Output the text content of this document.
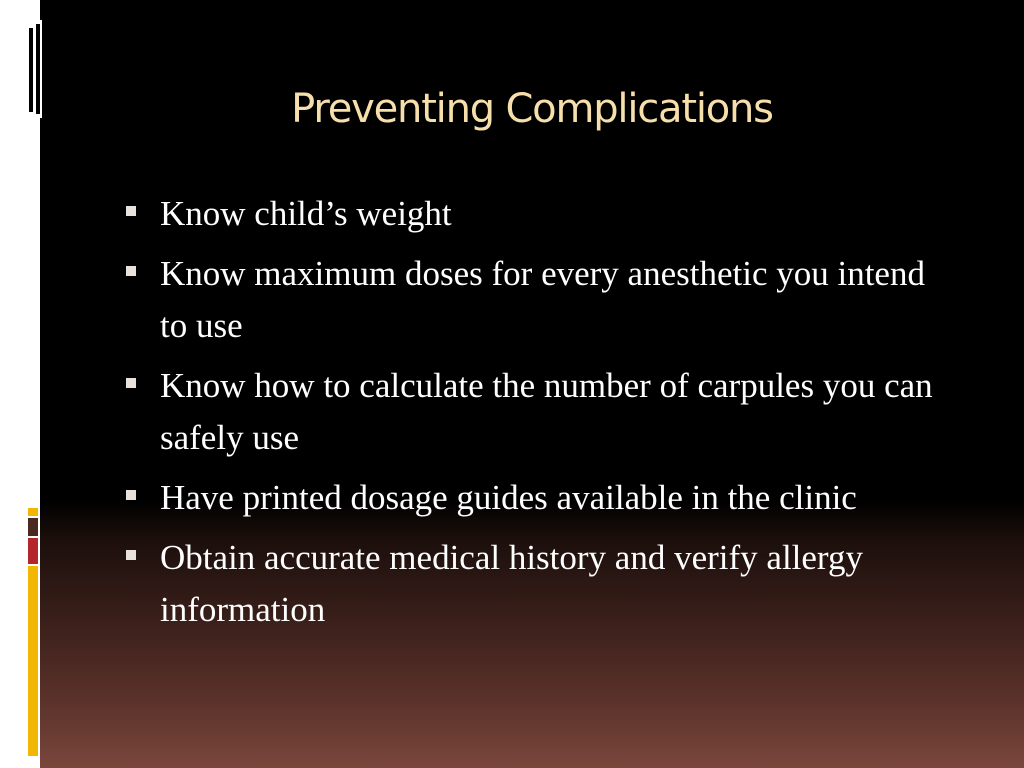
Preventing Complications
Know child’s weight
Know maximum doses for every anesthetic you intend to use
Know how to calculate the number of carpules you can safely use
Have printed dosage guides available in the clinic
Obtain accurate medical history and verify allergy information
